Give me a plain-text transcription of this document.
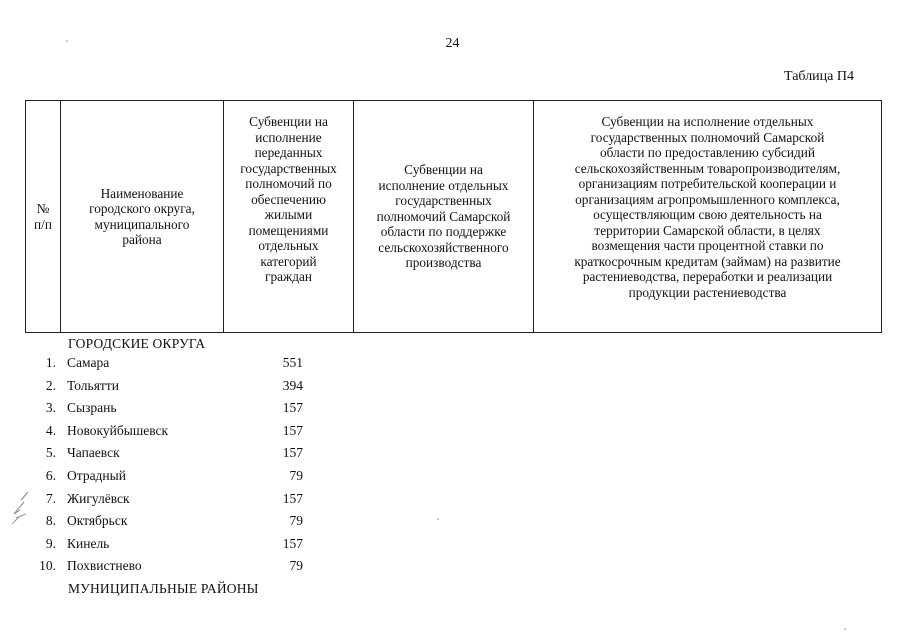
24
Таблица П4
№
п/п	Наименование
городского округа,
муниципального
района	Субвенции на
исполнение
переданных
государственных
полномочий по
обеспечению
жилыми
помещениями
отдельных
категорий
граждан	Субвенции на
исполнение отдельных
государственных
полномочий Самарской
области по поддержке
сельскохозяйственного
производства	Субвенции на исполнение отдельных
государственных полномочий Самарской
области по предоставлению субсидий
сельскохозяйственным товаропроизводителям,
организациям потребительской кооперации и
организациям агропромышленного комплекса,
осуществляющим свою деятельность на
территории Самарской области, в целях
возмещения части процентной ставки по
краткосрочным кредитам (займам) на развитие
растениеводства, переработки и реализации
продукции растениеводства
ГОРОДСКИЕ ОКРУГА
1. Самара	551
2. Тольятти	394
3. Сызрань	157
4. Новокуйбышевск	157
5. Чапаевск	157
6. Отрадный	79
7. Жигулёвск	157
8. Октябрьск	79
9. Кинель	157
10. Похвистнево	79
МУНИЦИПАЛЬНЫЕ РАЙОНЫ
